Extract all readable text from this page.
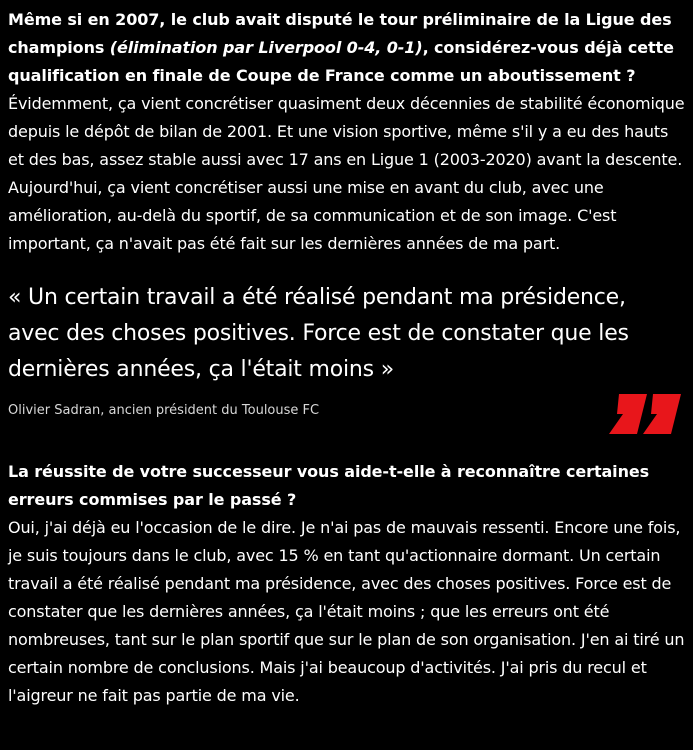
Même si en 2007, le club avait disputé le tour préliminaire de la Ligue des champions (élimination par Liverpool 0-4, 0-1), considérez-vous déjà cette qualification en finale de Coupe de France comme un aboutissement ?

Évidemment, ça vient concrétiser quasiment deux décennies de stabilité économique depuis le dépôt de bilan de 2001. Et une vision sportive, même s'il y a eu des hauts et des bas, assez stable aussi avec 17 ans en Ligue 1 (2003-2020) avant la descente. Aujourd'hui, ça vient concrétiser aussi une mise en avant du club, avec une amélioration, au-delà du sportif, de sa communication et de son image. C'est important, ça n'avait pas été fait sur les dernières années de ma part.

« Un certain travail a été réalisé pendant ma présidence, avec des choses positives. Force est de constater que les dernières années, ça l'était moins »

Olivier Sadran, ancien président du Toulouse FC

La réussite de votre successeur vous aide-t-elle à reconnaître certaines erreurs commises par le passé ?

Oui, j'ai déjà eu l'occasion de le dire. Je n'ai pas de mauvais ressenti. Encore une fois, je suis toujours dans le club, avec 15 % en tant qu'actionnaire dormant. Un certain travail a été réalisé pendant ma présidence, avec des choses positives. Force est de constater que les dernières années, ça l'était moins ; que les erreurs ont été nombreuses, tant sur le plan sportif que sur le plan de son organisation. J'en ai tiré un certain nombre de conclusions. Mais j'ai beaucoup d'activités. J'ai pris du recul et l'aigreur ne fait pas partie de ma vie.
